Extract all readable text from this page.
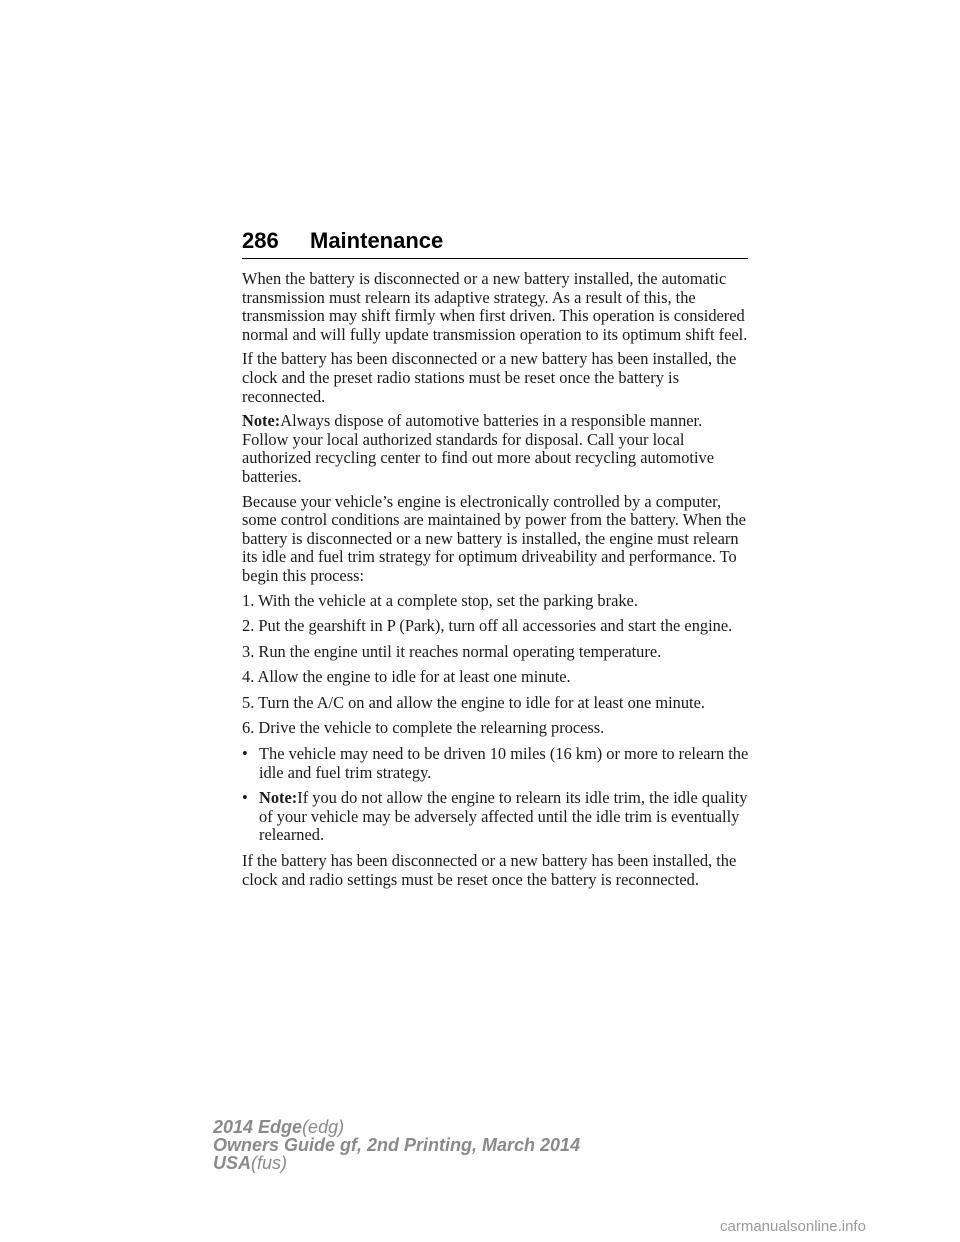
286 Maintenance

When the battery is disconnected or a new battery installed, the automatic transmission must relearn its adaptive strategy. As a result of this, the transmission may shift firmly when first driven. This operation is considered normal and will fully update transmission operation to its optimum shift feel.

If the battery has been disconnected or a new battery has been installed, the clock and the preset radio stations must be reset once the battery is reconnected.

Note:Always dispose of automotive batteries in a responsible manner. Follow your local authorized standards for disposal. Call your local authorized recycling center to find out more about recycling automotive batteries.

Because your vehicle’s engine is electronically controlled by a computer, some control conditions are maintained by power from the battery. When the battery is disconnected or a new battery is installed, the engine must relearn its idle and fuel trim strategy for optimum driveability and performance. To begin this process:

1. With the vehicle at a complete stop, set the parking brake.

2. Put the gearshift in P (Park), turn off all accessories and start the engine.

3. Run the engine until it reaches normal operating temperature.

4. Allow the engine to idle for at least one minute.

5. Turn the A/C on and allow the engine to idle for at least one minute.

6. Drive the vehicle to complete the relearning process.

• The vehicle may need to be driven 10 miles (16 km) or more to relearn the idle and fuel trim strategy.
• Note:If you do not allow the engine to relearn its idle trim, the idle quality of your vehicle may be adversely affected until the idle trim is eventually relearned.

If the battery has been disconnected or a new battery has been installed, the clock and radio settings must be reset once the battery is reconnected.

2014 Edge(edg)
Owners Guide gf, 2nd Printing, March 2014
USA(fus)
carmanualsonline.info
